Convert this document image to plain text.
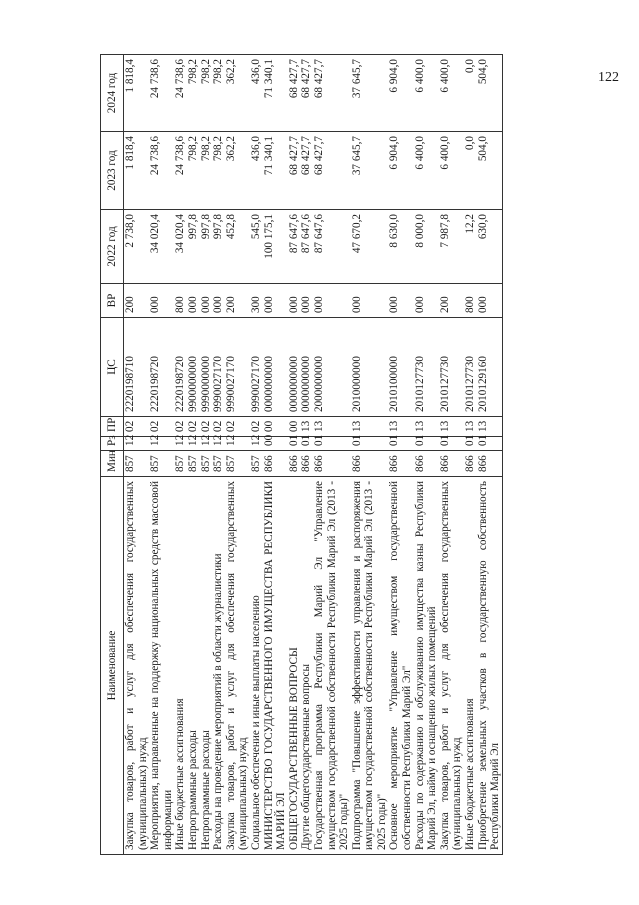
122
Наименование	Мин	Рз	ПР	ЦС	ВР	2022 год	2023 год	2024 год
Закупка товаров, работ и услуг для обеспечения государственных (муниципальных) нужд	857	12	02	2220198710	200	2 738,0	1 818,4	1 818,4
Мероприятия, направленные на поддержку национальных средств массовой информации	857	12	02	2220198720	000	34 020,4	24 738,6	24 738,6
Иные бюджетные ассигнования	857	12	02	2220198720	800	34 020,4	24 738,6	24 738,6
Непрограммные расходы	857	12	02	9900000000	000	997,8	798,2	798,2
Непрограммные расходы	857	12	02	9990000000	000	997,8	798,2	798,2
Расходы на проведение мероприятий в области журналистики	857	12	02	9990027170	000	997,8	798,2	798,2
Закупка товаров, работ и услуг для обеспечения государственных (муниципальных) нужд	857	12	02	9990027170	200	452,8	362,2	362,2
Социальное обеспечение и иные выплаты населению	857	12	02	9990027170	300	545,0	436,0	436,0
МИНИСТЕРСТВО ГОСУДАРСТВЕННОГО ИМУЩЕСТВА РЕСПУБЛИКИ МАРИЙ ЭЛ	866	00	00	0000000000	000	100 175,1	71 340,1	71 340,1
ОБЩЕГОСУДАРСТВЕННЫЕ ВОПРОСЫ	866	01	00	0000000000	000	87 647,6	68 427,7	68 427,7
Другие общегосударственные вопросы	866	01	13	0000000000	000	87 647,6	68 427,7	68 427,7
Государственная программа Республики Марий Эл "Управление имуществом государственной собственности Республики Марий Эл (2013 - 2025 годы)"	866	01	13	2000000000	000	87 647,6	68 427,7	68 427,7
Подпрограмма "Повышение эффективности управления и распоряжения имуществом государственной собственности Республики Марий Эл (2013 - 2025 годы)"	866	01	13	2010000000	000	47 670,2	37 645,7	37 645,7
Основное мероприятие "Управление имуществом государственной собственности Республики Марий Эл"	866	01	13	2010100000	000	8 630,0	6 904,0	6 904,0
Расходы по содержанию и обслуживанию имущества казны Республики Марий Эл, найму и оснащению жилых помещений	866	01	13	2010127730	000	8 000,0	6 400,0	6 400,0
Закупка товаров, работ и услуг для обеспечения государственных (муниципальных) нужд	866	01	13	2010127730	200	7 987,8	6 400,0	6 400,0
Иные бюджетные ассигнования	866	01	13	2010127730	800	12,2	0,0	0,0
Приобретение земельных участков в государственную собственность Республики Марий Эл	866	01	13	2010129160	000	630,0	504,0	504,0
